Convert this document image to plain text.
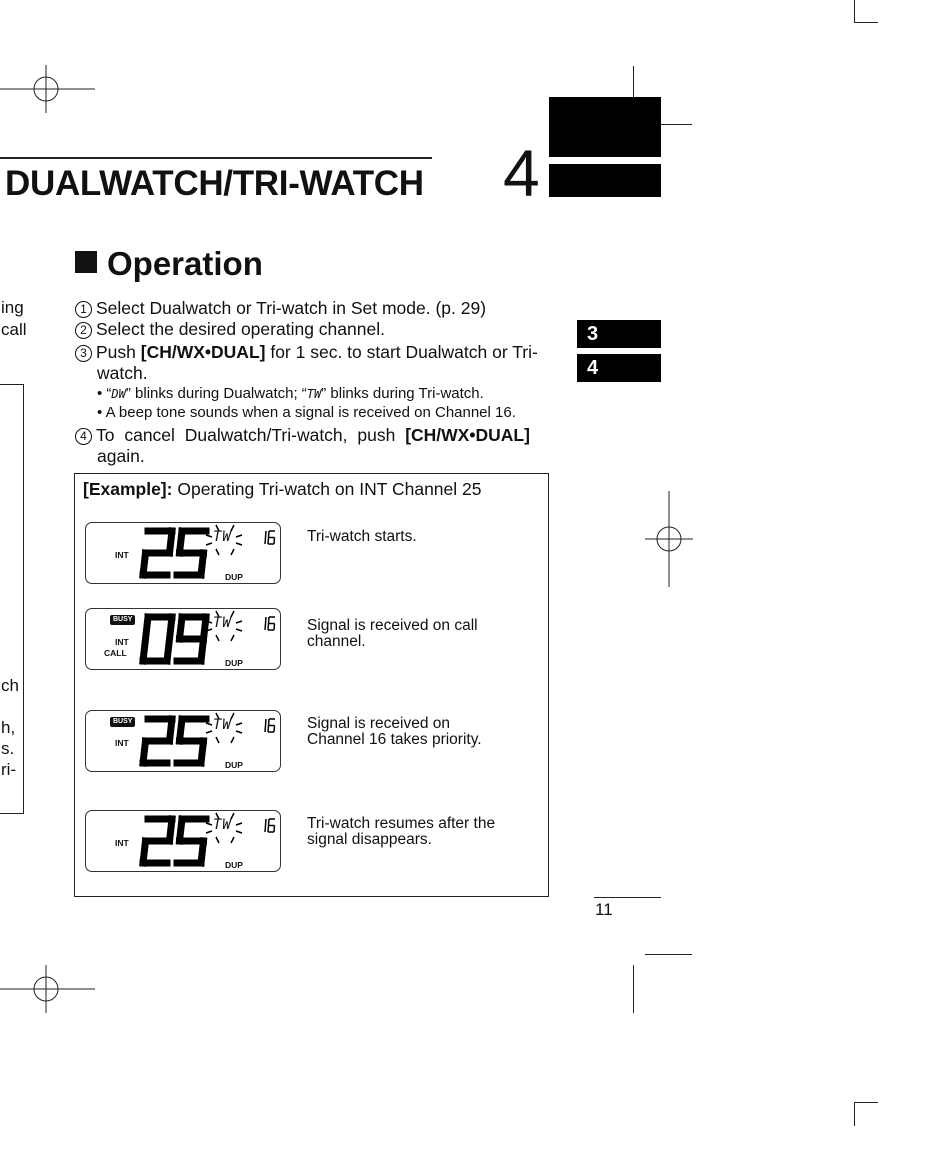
DUALWATCH/TRI-WATCH 4
ing
call
ch
h,
s.
ri-
Operation
1 Select Dualwatch or Tri-watch in Set mode. (p. 29)
2 Select the desired operating channel.
3 Push [CH/WX•DUAL] for 1 sec. to start Dualwatch or Tri-
watch.
• “DW” blinks during Dualwatch; “TW” blinks during Tri-watch.
• A beep tone sounds when a signal is received on Channel 16.
4 To cancel Dualwatch/Tri-watch, push [CH/WX•DUAL]
again.
3
4
[Example]: Operating Tri-watch on INT Channel 25
INT
DUP
TW	Tri-watch starts.
INT
CALL
BUSY
DUP
TW	Signal is received on call channel.
INT
BUSY
DUP
TW	Signal is received on Channel 16 takes priority.
INT
DUP
TW	Tri-watch resumes after the signal disappears.
11
